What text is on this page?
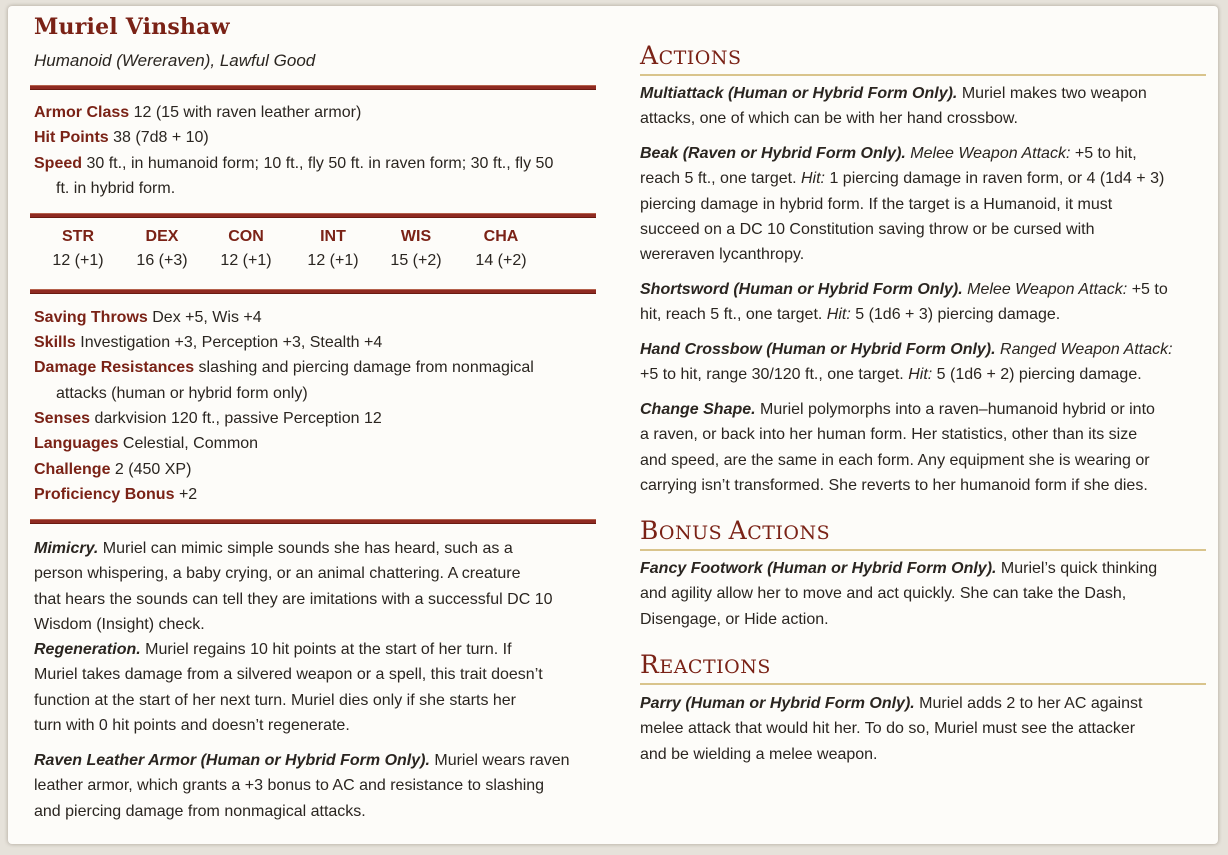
Muriel Vinshaw
Humanoid (Wereraven), Lawful Good
Armor Class 12 (15 with raven leather armor)
Hit Points 38 (7d8 + 10)
Speed 30 ft., in humanoid form; 10 ft., fly 50 ft. in raven form; 30 ft., fly 50
ft. in hybrid form.
STR
12 (+1)
DEX
16 (+3)
CON
12 (+1)
INT
12 (+1)
WIS
15 (+2)
CHA
14 (+2)
Saving Throws Dex +5, Wis +4
Skills Investigation +3, Perception +3, Stealth +4
Damage Resistances slashing and piercing damage from nonmagical
attacks (human or hybrid form only)
Senses darkvision 120 ft., passive Perception 12
Languages Celestial, Common
Challenge 2 (450 XP)
Proficiency Bonus +2
Mimicry. Muriel can mimic simple sounds she has heard, such as a
person whispering, a baby crying, or an animal chattering. A creature
that hears the sounds can tell they are imitations with a successful DC 10
Wisdom (Insight) check.
Regeneration. Muriel regains 10 hit points at the start of her turn. If
Muriel takes damage from a silvered weapon or a spell, this trait doesn’t
function at the start of her next turn. Muriel dies only if she starts her
turn with 0 hit points and doesn’t regenerate.
Raven Leather Armor (Human or Hybrid Form Only). Muriel wears raven
leather armor, which grants a +3 bonus to AC and resistance to slashing
and piercing damage from nonmagical attacks.
ACTIONS
Multiattack (Human or Hybrid Form Only). Muriel makes two weapon
attacks, one of which can be with her hand crossbow.
Beak (Raven or Hybrid Form Only). Melee Weapon Attack: +5 to hit,
reach 5 ft., one target. Hit: 1 piercing damage in raven form, or 4 (1d4 + 3)
piercing damage in hybrid form. If the target is a Humanoid, it must
succeed on a DC 10 Constitution saving throw or be cursed with
wereraven lycanthropy.
Shortsword (Human or Hybrid Form Only). Melee Weapon Attack: +5 to
hit, reach 5 ft., one target. Hit: 5 (1d6 + 3) piercing damage.
Hand Crossbow (Human or Hybrid Form Only). Ranged Weapon Attack:
+5 to hit, range 30/120 ft., one target. Hit: 5 (1d6 + 2) piercing damage.
Change Shape. Muriel polymorphs into a raven–humanoid hybrid or into
a raven, or back into her human form. Her statistics, other than its size
and speed, are the same in each form. Any equipment she is wearing or
carrying isn’t transformed. She reverts to her humanoid form if she dies.
BONUS ACTIONS
Fancy Footwork (Human or Hybrid Form Only). Muriel’s quick thinking
and agility allow her to move and act quickly. She can take the Dash,
Disengage, or Hide action.
REACTIONS
Parry (Human or Hybrid Form Only). Muriel adds 2 to her AC against
melee attack that would hit her. To do so, Muriel must see the attacker
and be wielding a melee weapon.
